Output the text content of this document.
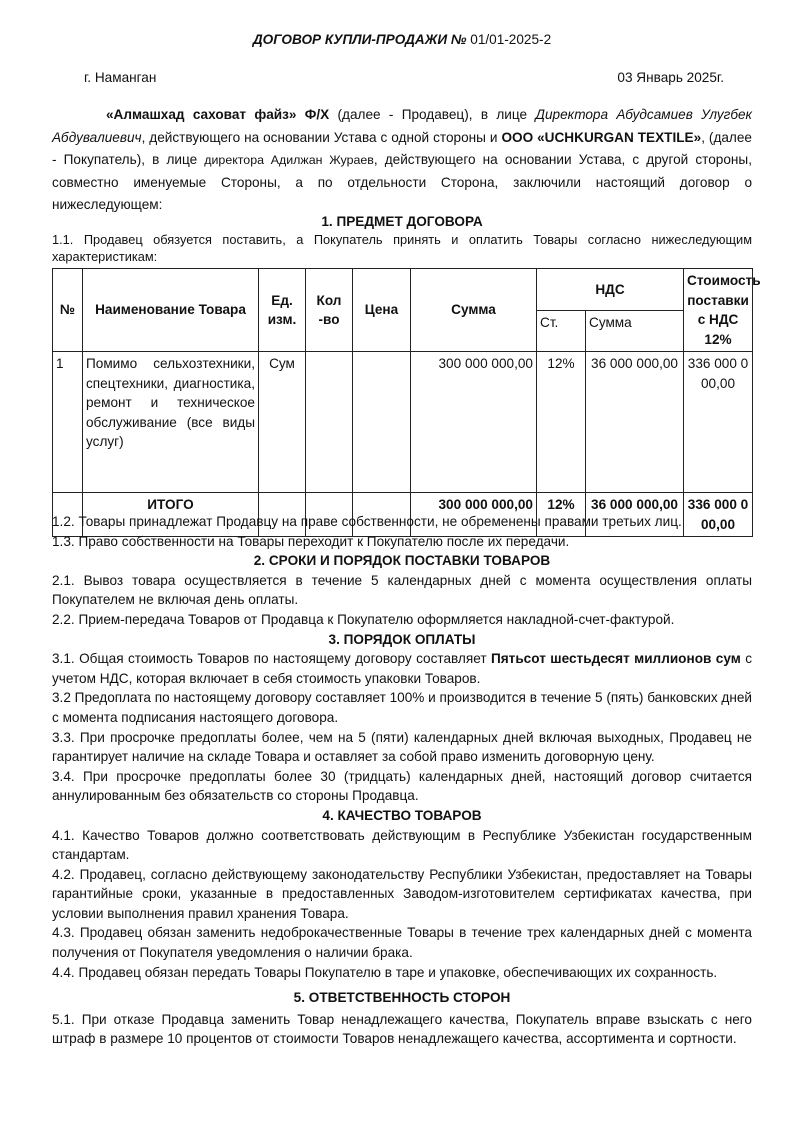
ДОГОВОР КУПЛИ-ПРОДАЖИ № 01/01-2025-2
г. Наманган	03 Январь 2025г.

«Алмашхад саховат файз» Ф/Х (далее - Продавец), в лице Директора Абудсамиев Улугбек Абдувалиевич, действующего на основании Устава с одной стороны и ООО «UCHKURGAN TEXTILE», (далее - Покупатель), в лице директора Адилжан Жураев, действующего на основании Устава, с другой стороны, совместно именуемые Стороны, а по отдельности Сторона, заключили настоящий договор о нижеследующем:

1. ПРЕДМЕТ ДОГОВОРА

1.1. Продавец обязуется поставить, а Покупатель принять и оплатить Товары согласно нижеследующим характеристикам:

№	Наименование Товара	Ед. изм.	Кол -во	Цена	Сумма	НДС		Стоимость поставки с НДС 12%
						Ст.	Сумма	
1	Помимо сельхозтехники, спецтехники, диагностика, ремонт и техническое обслуживание (все виды услуг)	Сум			300 000 000,00	12%	36 000 000,00	336 000 000,00
	ИТОГО				300 000 000,00	12%	36 000 000,00	336 000 000,00

1.2. Товары принадлежат Продавцу на праве собственности, не обременены правами третьих лиц.

1.3. Право собственности на Товары переходит к Покупателю после их передачи.

2. СРОКИ И ПОРЯДОК ПОСТАВКИ ТОВАРОВ

2.1. Вывоз товара осуществляется в течение 5 календарных дней с момента осуществления оплаты Покупателем не включая день оплаты.

2.2. Прием-передача Товаров от Продавца к Покупателю оформляется накладной-счет-фактурой.

3. ПОРЯДОК ОПЛАТЫ

3.1. Общая стоимость Товаров по настоящему договору составляет Пятьсот шестьдесят миллионов сум с учетом НДС, которая включает в себя стоимость упаковки Товаров.

3.2 Предоплата по настоящему договору составляет 100% и производится в течение 5 (пять) банковских дней с момента подписания настоящего договора.

3.3. При просрочке предоплаты более, чем на 5 (пяти) календарных дней включая выходных, Продавец не гарантирует наличие на складе Товара и оставляет за собой право изменить договорную цену.

3.4. При просрочке предоплаты более 30 (тридцать) календарных дней, настоящий договор считается аннулированным без обязательств со стороны Продавца.

4. КАЧЕСТВО ТОВАРОВ

4.1. Качество Товаров должно соответствовать действующим в Республике Узбекистан государственным стандартам.

4.2. Продавец, согласно действующему законодательству Республики Узбекистан, предоставляет на Товары гарантийные сроки, указанные в предоставленных Заводом-изготовителем сертификатах качества, при условии выполнения правил хранения Товара.

4.3. Продавец обязан заменить недоброкачественные Товары в течение трех календарных дней с момента получения от Покупателя уведомления о наличии брака.

4.4. Продавец обязан передать Товары Покупателю в таре и упаковке, обеспечивающих их сохранность.

5. ОТВЕТСТВЕННОСТЬ СТОРОН

5.1. При отказе Продавца заменить Товар ненадлежащего качества, Покупатель вправе взыскать с него штраф в размере 10 процентов от стоимости Товаров ненадлежащего качества, ассортимента и сортности.
